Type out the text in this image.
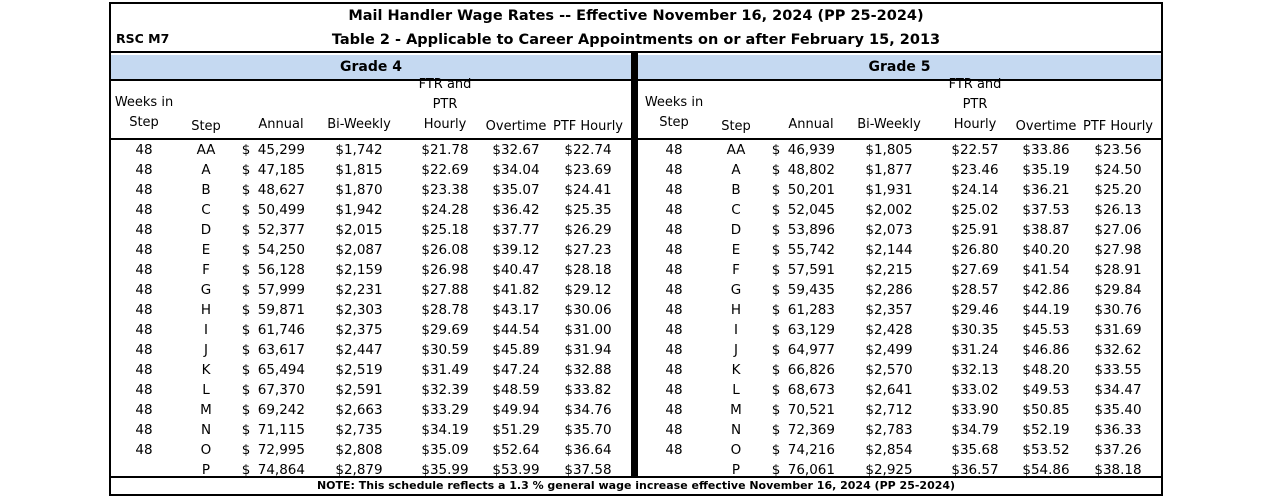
Mail Handler Wage Rates -- Effective November 16, 2024 (PP 25-2024)
RSC M7	Table 2 - Applicable to Career Appointments on or after February 15, 2013
Grade 4	Grade 5
Weeks in
Step	Step	Annual	Bi-Weekly
FTR and
PTR
Hourly	Overtime PTF Hourly
Weeks in
Step	Step	Annual	Bi-Weekly
FTR and
PTR
Hourly	Overtime PTF Hourly
48	AA	$ 45,299	$1,742	$21.78	$32.67	$22.74
48	A	$ 47,185	$1,815	$22.69	$34.04	$23.69
48	B	$ 48,627	$1,870	$23.38	$35.07	$24.41
48	C	$ 50,499	$1,942	$24.28	$36.42	$25.35
48	D	$ 52,377	$2,015	$25.18	$37.77	$26.29
48	E	$ 54,250	$2,087	$26.08	$39.12	$27.23
48	F	$ 56,128	$2,159	$26.98	$40.47	$28.18
48	G	$ 57,999	$2,231	$27.88	$41.82	$29.12
48	H	$ 59,871	$2,303	$28.78	$43.17	$30.06
48	I	$ 61,746	$2,375	$29.69	$44.54	$31.00
48	J	$ 63,617	$2,447	$30.59	$45.89	$31.94
48	K	$ 65,494	$2,519	$31.49	$47.24	$32.88
48	L	$ 67,370	$2,591	$32.39	$48.59	$33.82
48	M	$ 69,242	$2,663	$33.29	$49.94	$34.76
48	N	$ 71,115	$2,735	$34.19	$51.29	$35.70
48	O	$ 72,995	$2,808	$35.09	$52.64	$36.64
P	$ 74,864	$2,879	$35.99	$53.99	$37.58
48	AA	$ 46,939	$1,805	$22.57	$33.86	$23.56
48	A	$ 48,802	$1,877	$23.46	$35.19	$24.50
48	B	$ 50,201	$1,931	$24.14	$36.21	$25.20
48	C	$ 52,045	$2,002	$25.02	$37.53	$26.13
48	D	$ 53,896	$2,073	$25.91	$38.87	$27.06
48	E	$ 55,742	$2,144	$26.80	$40.20	$27.98
48	F	$ 57,591	$2,215	$27.69	$41.54	$28.91
48	G	$ 59,435	$2,286	$28.57	$42.86	$29.84
48	H	$ 61,283	$2,357	$29.46	$44.19	$30.76
48	I	$ 63,129	$2,428	$30.35	$45.53	$31.69
48	J	$ 64,977	$2,499	$31.24	$46.86	$32.62
48	K	$ 66,826	$2,570	$32.13	$48.20	$33.55
48	L	$ 68,673	$2,641	$33.02	$49.53	$34.47
48	M	$ 70,521	$2,712	$33.90	$50.85	$35.40
48	N	$ 72,369	$2,783	$34.79	$52.19	$36.33
48	O	$ 74,216	$2,854	$35.68	$53.52	$37.26
P	$ 76,061	$2,925	$36.57	$54.86	$38.18
NOTE: This schedule reflects a 1.3 % general wage increase effective November 16, 2024 (PP 25-2024)
